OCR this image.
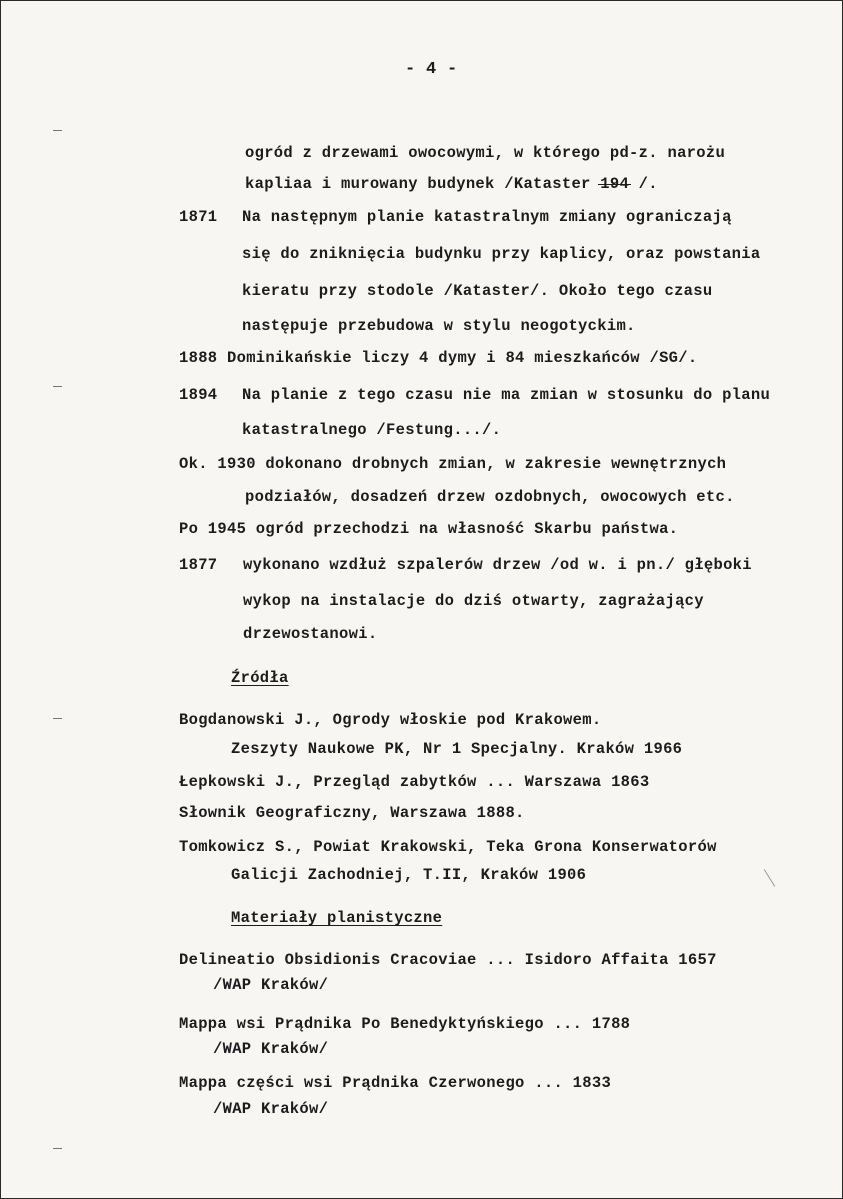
- 4 -
ogród z drzewami owocowymi, w którego pd-z. narożu
kapliaa i murowany budynek /Kataster 194 /.
1871 Na następnym planie katastralnym zmiany ograniczają
się do zniknięcia budynku przy kaplicy, oraz powstania
kieratu przy stodole /Kataster/. Około tego czasu
następuje przebudowa w stylu neogotyckim.
1888 Dominikańskie liczy 4 dymy i 84 mieszkańców /SG/.
1894 Na planie z tego czasu nie ma zmian w stosunku do planu
katastralnego /Festung.../.
Ok. 1930 dokonano drobnych zmian, w zakresie wewnętrznych
podziałów, dosadzeń drzew ozdobnych, owocowych etc.
Po 1945 ogród przechodzi na własność Skarbu państwa.
1877 wykonano wzdłuż szpalerów drzew /od w. i pn./ głęboki
wykop na instalacje do dziś otwarty, zagrażający
drzewostanowi.
Źródła
Bogdanowski J., Ogrody włoskie pod Krakowem.
Zeszyty Naukowe PK, Nr 1 Specjalny. Kraków 1966
Łepkowski J., Przegląd zabytków ... Warszawa 1863
Słownik Geograficzny, Warszawa 1888.
Tomkowicz S., Powiat Krakowski, Teka Grona Konserwatorów
Galicji Zachodniej, T.II, Kraków 1906
Materiały planistyczne
Delineatio Obsidionis Cracoviae ... Isidoro Affaita 1657
/WAP Kraków/
Mappa wsi Prądnika Po Benedyktyńskiego ... 1788
/WAP Kraków/
Mappa części wsi Prądnika Czerwonego ... 1833
/WAP Kraków/
